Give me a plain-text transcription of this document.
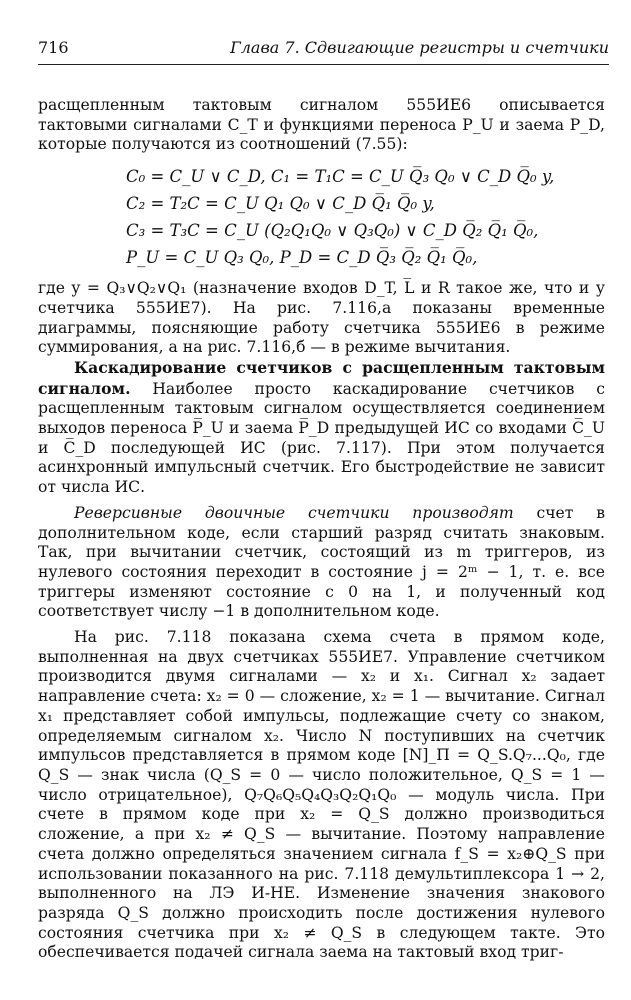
716	Глава 7. Сдвигающие регистры и счетчики

расщепленным тактовым сигналом 555ИЕ6 описывается тактовыми сигналами C_T и функциями переноса P_U и заема P_D, которые получаются из соотношений (7.55):

C₀ = C_U ∨ C_D, C₁ = T₁C = C_U Q̅₃ Q₀ ∨ C_D Q̅₀ y,
C₂ = T₂C = C_U Q₁ Q₀ ∨ C_D Q̅₁ Q̅₀ y,
C₃ = T₃C = C_U (Q₂Q₁Q₀ ∨ Q₃Q₀) ∨ C_D Q̅₂ Q̅₁ Q̅₀,
P_U = C_U Q₃ Q₀, P_D = C_D Q̅₃ Q̅₂ Q̅₁ Q̅₀,

где y = Q₃∨Q₂∨Q₁ (назначение входов D_T, L̅ и R такое же, что и у счетчика 555ИЕ7). На рис. 7.116,а показаны временные диаграммы, поясняющие работу счетчика 555ИЕ6 в режиме суммирования, а на рис. 7.116,б — в режиме вычитания.

Каскадирование счетчиков с расщепленным тактовым сигналом. Наиболее просто каскадирование счетчиков с расщепленным тактовым сигналом осуществляется соединением выходов переноса P̅_U и заема P̅_D предыдущей ИС со входами C̅_U и C̅_D последующей ИС (рис. 7.117). При этом получается асинхронный импульсный счетчик. Его быстродействие не зависит от числа ИС.

Реверсивные двоичные счетчики производят счет в дополнительном коде, если старший разряд считать знаковым. Так, при вычитании счетчик, состоящий из m триггеров, из нулевого состояния переходит в состояние j = 2ᵐ − 1, т. е. все триггеры изменяют состояние с 0 на 1, и полученный код соответствует числу −1 в дополнительном коде.

На рис. 7.118 показана схема счета в прямом коде, выполненная на двух счетчиках 555ИЕ7. Управление счетчиком производится двумя сигналами — x₂ и x₁. Сигнал x₂ задает направление счета: x₂ = 0 — сложение, x₂ = 1 — вычитание. Сигнал x₁ представляет собой импульсы, подлежащие счету со знаком, определяемым сигналом x₂. Число N поступивших на счетчик импульсов представляется в прямом коде [N]_П = Q_S.Q₇...Q₀, где Q_S — знак числа (Q_S = 0 — число положительное, Q_S = 1 — число отрицательное), Q₇Q₆Q₅Q₄Q₃Q₂Q₁Q₀ — модуль числа. При счете в прямом коде при x₂ = Q_S должно производиться сложение, а при x₂ ≠ Q_S — вычитание. Поэтому направление счета должно определяться значением сигнала f_S = x₂⊕Q_S при использовании показанного на рис. 7.118 демультиплексора 1 → 2, выполненного на ЛЭ И-НЕ. Изменение значения знакового разряда Q_S должно происходить после достижения нулевого состояния счетчика при x₂ ≠ Q_S в следующем такте. Это обеспечивается подачей сигнала заема на тактовый вход триг-
